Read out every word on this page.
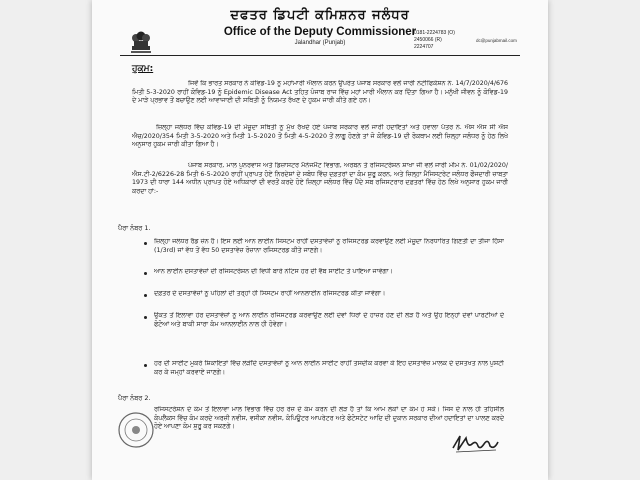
ਦਫਤਰ ਡਿਪਟੀ ਕਮਿਸ਼ਨਰ ਜਲੰਧਰ
Office of the Deputy Commissioner
Jalandhar (Punjab)
0181-2224783 (O)
2450066 (R)
2224707
dc@punjabmail.com
ਹੁਕਮ:
ਜਿਵੇਂ ਕਿ ਭਾਰਤ ਸਰਕਾਰ ਨੇ ਕੋਵਿਡ-19 ਨੂੰ ਮਹਾਂਮਾਰੀ ਐਲਾਨ ਕਰਨ ਉਪਰੰਤ ਪੰਜਾਬ ਸਰਕਾਰ ਵਲੋਂ ਜਾਰੀ ਨੋਟੀਫਿਕੇਸ਼ਨ ਨੰ. 14/7/2020/4/676 ਮਿਤੀ 5-3-2020 ਰਾਹੀਂ ਕੋਵਿਡ-19 ਨੂੰ Epidemic Disease Act ਤਹਿਤ ਪੰਜਾਬ ਰਾਜ ਵਿੱਚ ਮਹਾਂ ਮਾਰੀ ਐਲਾਨ ਕਰ ਦਿੱਤਾ ਗਿਆ ਹੈ। ਮਨੁੱਖੀ ਜੀਵਨ ਨੂੰ ਕੋਵਿਡ-19 ਦੇ ਮਾੜੇ ਪ੍ਰਭਾਵ ਤੋਂ ਬਚਾਉਣ ਲਈ ਆਵਾਜਾਈ ਦੀ ਸਥਿਤੀ ਨੂੰ ਨਿਯਮਤ ਰੱਖਣ ਦੇ ਹੁਕਮ ਜਾਰੀ ਕੀਤੇ ਗਏ ਹਨ।
ਜ਼ਿਲ੍ਹਾ ਜਲੰਧਰ ਵਿੱਚ ਕੋਵਿਡ-19 ਦੀ ਮੌਜੂਦਾ ਸਥਿਤੀ ਨੂੰ ਮੁੱਖ ਰੱਖਦੇ ਹੋਏ ਪੰਜਾਬ ਸਰਕਾਰ ਵਲੋਂ ਜਾਰੀ ਹਦਾਇਤਾਂ ਅਤੇ ਹਵਾਲਾ ਪੱਤਰ ਨੰ. ਐਸ ਐਸ ਸੀ ਐਸ ਐਚ/2020/354 ਮਿਤੀ 3-5-2020 ਅਤੇ ਮਿਤੀ 1-5-2020 ਤੋਂ ਮਿਤੀ 4-5-2020 ਤੋਂ ਲਾਗੂ ਹੋਣਗੇ ਤਾਂ ਜੋ ਕੋਵਿਡ-19 ਦੀ ਰੋਕਥਾਮ ਲਈ ਜ਼ਿਲ੍ਹਾ ਜਲੰਧਰ ਨੂੰ ਹੇਠ ਲਿਖੇ ਅਨੁਸਾਰ ਹੁਕਮ ਜਾਰੀ ਕੀਤਾ ਗਿਆ ਹੈ।
ਪੰਜਾਬ ਸਰਕਾਰ, ਮਾਲ ਪੁਨਰਵਾਸ ਅਤੇ ਡਿਜ਼ਾਸਟਰ ਮੈਨੇਜਮੈਂਟ ਵਿਭਾਗ, ਅਰਬਨ ਤੇ ਰਜਿਸਟਰੇਸ਼ਨ ਸ਼ਾਖਾ ਜੀ ਵਲੋਂ ਜਾਰੀ ਮੀਮੋ ਨੰ. 01/02/2020/ਐਸ.ਟੀ-2/6226-28 ਮਿਤੀ 6-5-2020 ਰਾਹੀਂ ਪ੍ਰਾਪਤ ਹੋਏ ਨਿਰਦੇਸ਼ਾਂ ਦੇ ਸਬੰਧ ਵਿੱਚ ਦਫ਼ਤਰਾਂ ਦਾ ਕੰਮ ਸ਼ੁਰੂ ਕਰਨ, ਅਤੇ ਜ਼ਿਲ੍ਹਾ ਮੈਜਿਸਟਰੇਟ ਜਲੰਧਰ ਫੌਜਦਾਰੀ ਜ਼ਾਬਤਾ 1973 ਦੀ ਧਾਰਾ 144 ਅਧੀਨ ਪ੍ਰਾਪਤ ਹੋਏ ਅਧਿਕਾਰਾਂ ਦੀ ਵਰਤੋਂ ਕਰਦੇ ਹੋਏ ਜ਼ਿਲ੍ਹਾ ਜਲੰਧਰ ਵਿੱਚ ਪੈਂਦੇ ਸਬ ਰਜਿਸਟਰਾਰ ਦਫ਼ਤਰਾਂ ਵਿੱਚ ਹੇਠ ਲਿਖੇ ਅਨੁਸਾਰ ਹੁਕਮ ਜਾਰੀ ਕਰਦਾ ਹਾਂ:-
ਪੈਰਾ ਨੰਬਰ 1.
ਜ਼ਿਲ੍ਹਾ ਜਲੰਧਰ ਰੈਡ ਜ਼ੋਨ ਹੈ। ਇਸ ਲਈ ਆਨ ਲਾਈਨ ਸਿਸਟਮ ਰਾਹੀਂ ਦਸਤਾਵੇਜ਼ਾਂ ਨੂੰ ਰਜਿਸਟਰਡ ਕਰਵਾਉਣ ਲਈ ਮੌਜੂਦਾ ਨਿਰਧਾਰਿਤ ਗਿਣਤੀ ਦਾ ਤੀਜਾ ਹਿੱਸਾ (1/3rd) ਜਾਂ ਵੱਧ ਤੋਂ ਵੱਧ 50 ਦਸਤਾਵੇਜ਼ ਰੋਜ਼ਾਨਾ ਰਜਿਸਟਰਡ ਕੀਤੇ ਜਾਣਗੇ।
ਆਨ ਲਾਈਨ ਦਸਤਾਵੇਜ਼ਾਂ ਦੀ ਰਜਿਸਟਰੇਸ਼ਨ ਦੀ ਵਿਧੀ ਬਾਰੇ ਨੋਟਿਸ ਹਰ ਦੀ ਵੈਬ ਸਾਈਟ ਤੇ ਪਾਇਆ ਜਾਵੇਗਾ।
ਦਫ਼ਤਰ ਦੇ ਦਸਤਾਵੇਜ਼ਾਂ ਨੂੰ ਪਹਿਲਾਂ ਦੀ ਤਰ੍ਹਾਂ ਹੀ ਸਿਸਟਮ ਰਾਹੀਂ ਆਨਲਾਈਨ ਰਜਿਸਟਰਡ ਕੀਤਾ ਜਾਵੇਗਾ।
ਉਕਤ ਤੋਂ ਇਲਾਵਾ ਹੋਰ ਦਸਤਾਵੇਜ਼ਾਂ ਨੂੰ ਆਨ ਲਾਈਨ ਰਜਿਸਟਰਡ ਕਰਵਾਉਣ ਲਈ ਦੋਵਾਂ ਧਿਰਾਂ ਦੇ ਹਾਜ਼ਰ ਹੋਣ ਦੀ ਲੋੜ ਹੈ ਅਤੇ ਉਹ ਇਨ੍ਹਾਂ ਦੋਵਾਂ ਪਾਰਟੀਆਂ ਦੇ ਫੋਟੋਆਂ ਅਤੇ ਬਾਕੀ ਸਾਰਾ ਕੰਮ ਆਨਲਾਈਨ ਨਾਲ ਹੀ ਹੋਵੇਗਾ।
ਹਰ ਦੀ ਸਾਈਟ ਮੁਕਰੇ ਸ਼ਿਕਾਇਤਾਂ ਵਿੱਚ ਲੋੜੀਂਦੇ ਦਸਤਾਵੇਜ਼ਾਂ ਨੂੰ ਆਨ ਲਾਈਨ ਸਾਈਟ ਰਾਹੀਂ ਤਸਦੀਕ ਕਰਵਾ ਕੇ ਇਹ ਦਸਤਾਵੇਜ਼ ਮਾਲਕ ਦੇ ਦਸਤਖਤ ਨਾਲ ਪੁਸ਼ਟੀ ਕਰ ਕੇ ਜਮ੍ਹਾਂ ਕਰਵਾਏ ਜਾਣਗੇ।
ਪੈਰਾ ਨੰਬਰ 2.
ਰਜਿਸਟਰੇਸ਼ਨ ਦੇ ਕੰਮ ਤੋਂ ਇਲਾਵਾ ਮਾਲ ਵਿਭਾਗ ਵਿੱਚ ਹਰ ਰੋਜ਼ ਦੇ ਕੰਮ ਕਰਨ ਦੀ ਲੋੜ ਹੈ ਤਾਂ ਕਿ ਆਮ ਲੋਕਾਂ ਦਾ ਕੰਮ ਹੋ ਸਕੇ। ਜਿਸ ਦੇ ਨਾਲ ਹੀ ਤਹਿਸੀਲ ਕੰਪਲੈਕਸ ਵਿੱਚ ਕੰਮ ਕਰਦੇ ਅਰਜ਼ੀ ਨਵੀਸ, ਵਸੀਕਾ ਨਵੀਸ, ਕੰਪਿਊਟਰ ਆਪਰੇਟਰ ਅਤੇ ਫੋਟੋਸਟੇਟ ਆਦਿ ਦੀ ਦੁਕਾਨ ਸਰਕਾਰ ਦੀਆਂ ਹਦਾਇਤਾਂ ਦਾ ਪਾਲਣ ਕਰਦੇ ਹੋਏ ਆਪਣਾ ਕੰਮ ਸ਼ੁਰੂ ਕਰ ਸਕਣਗੇ।
